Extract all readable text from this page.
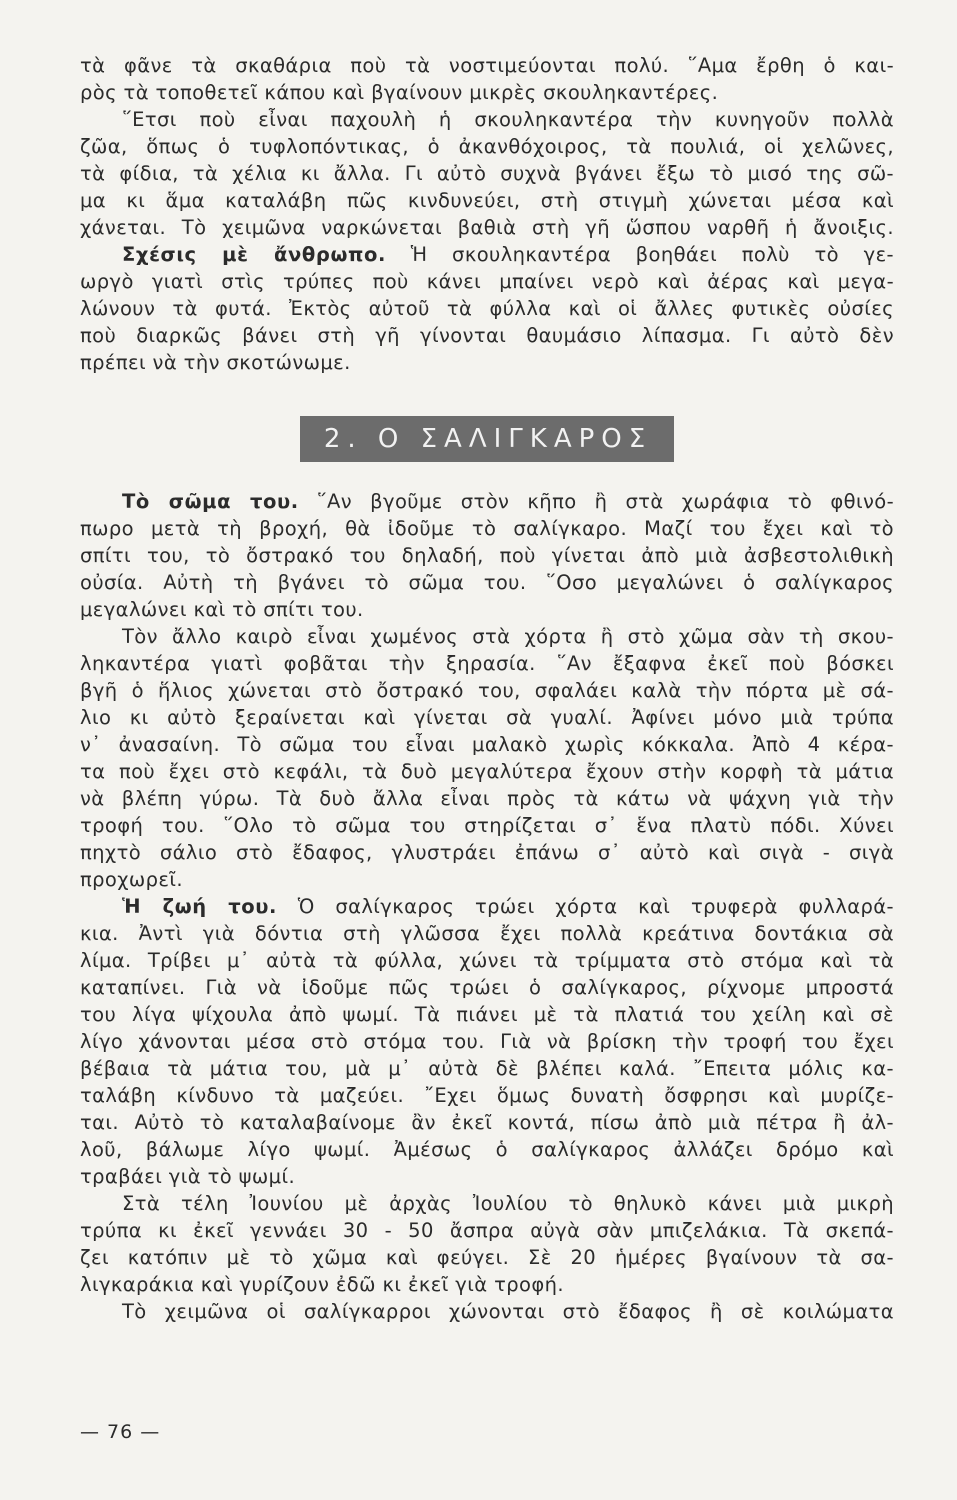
τὰ φᾶνε τὰ σκαθάρια ποὺ τὰ νοστιμεύονται πολύ. ῞Αμα ἔρθη ὁ και-
ρὸς τὰ τοποθετεῖ κάπου καὶ βγαίνουν μικρὲς σκουληκαντέρες.
῞Ετσι ποὺ εἶναι παχουλὴ ἡ σκουληκαντέρα τὴν κυνηγοῦν πολλὰ
ζῶα, ὅπως ὁ τυφλοπόντικας, ὁ ἀκανθόχοιρος, τὰ πουλιά, οἱ χελῶνες,
τὰ φίδια, τὰ χέλια κι ἄλλα. Γι αὐτὸ συχνὰ βγάνει ἔξω τὸ μισό της σῶ-
μα κι ἅμα καταλάβη πῶς κινδυνεύει, στὴ στιγμὴ χώνεται μέσα καὶ
χάνεται. Τὸ χειμῶνα ναρκώνεται βαθιὰ στὴ γῆ ὥσπου ναρθῆ ἡ ἄνοιξις.
Σχέσις μὲ ἄνθρωπο. Ἡ σκουληκαντέρα βοηθάει πολὺ τὸ γε-
ωργὸ γιατὶ στὶς τρύπες ποὺ κάνει μπαίνει νερὸ καὶ ἀέρας καὶ μεγα-
λώνουν τὰ φυτά. Ἐκτὸς αὐτοῦ τὰ φύλλα καὶ οἱ ἄλλες φυτικὲς οὐσίες
ποὺ διαρκῶς βάνει στὴ γῆ γίνονται θαυμάσιο λίπασμα. Γι αὐτὸ δὲν
πρέπει νὰ τὴν σκοτώνωμε.
2. Ο ΣΑΛΙΓΚΑΡΟΣ
Τὸ σῶμα του. ῞Αν βγοῦμε στὸν κῆπο ἢ στὰ χωράφια τὸ φθινό-
πωρο μετὰ τὴ βροχή, θὰ ἰδοῦμε τὸ σαλίγκαρο. Μαζί του ἔχει καὶ τὸ
σπίτι του, τὸ ὄστρακό του δηλαδή, ποὺ γίνεται ἀπὸ μιὰ ἀσβεστολιθικὴ
οὐσία. Αὐτὴ τὴ βγάνει τὸ σῶμα του. ῞Οσο μεγαλώνει ὁ σαλίγκαρος
μεγαλώνει καὶ τὸ σπίτι του.
Τὸν ἄλλο καιρὸ εἶναι χωμένος στὰ χόρτα ἢ στὸ χῶμα σὰν τὴ σκου-
ληκαντέρα γιατὶ φοβᾶται τὴν ξηρασία. ῞Αν ἔξαφνα ἐκεῖ ποὺ βόσκει
βγῆ ὁ ἥλιος χώνεται στὸ ὄστρακό του, σφαλάει καλὰ τὴν πόρτα μὲ σά-
λιο κι αὐτὸ ξεραίνεται καὶ γίνεται σὰ γυαλί. Ἀφίνει μόνο μιὰ τρύπα
ν᾽ ἀνασαίνη. Τὸ σῶμα του εἶναι μαλακὸ χωρὶς κόκκαλα. Ἀπὸ 4 κέρα-
τα ποὺ ἔχει στὸ κεφάλι, τὰ δυὸ μεγαλύτερα ἔχουν στὴν κορφὴ τὰ μάτια
νὰ βλέπη γύρω. Τὰ δυὸ ἄλλα εἶναι πρὸς τὰ κάτω νὰ ψάχνη γιὰ τὴν
τροφή του. ῞Ολο τὸ σῶμα του στηρίζεται σ᾽ ἕνα πλατὺ πόδι. Χύνει
πηχτὸ σάλιο στὸ ἔδαφος, γλυστράει ἐπάνω σ᾽ αὐτὸ καὶ σιγὰ - σιγὰ
προχωρεῖ.
Ἡ ζωή του. Ὁ σαλίγκαρος τρώει χόρτα καὶ τρυφερὰ φυλλαρά-
κια. Ἀντὶ γιὰ δόντια στὴ γλῶσσα ἔχει πολλὰ κρεάτινα δοντάκια σὰ
λίμα. Τρίβει μ᾽ αὐτὰ τὰ φύλλα, χώνει τὰ τρίμματα στὸ στόμα καὶ τὰ
καταπίνει. Γιὰ νὰ ἰδοῦμε πῶς τρώει ὁ σαλίγκαρος, ρίχνομε μπροστά
του λίγα ψίχουλα ἀπὸ ψωμί. Τὰ πιάνει μὲ τὰ πλατιά του χείλη καὶ σὲ
λίγο χάνονται μέσα στὸ στόμα του. Γιὰ νὰ βρίσκη τὴν τροφή του ἔχει
βέβαια τὰ μάτια του, μὰ μ᾽ αὐτὰ δὲ βλέπει καλά. ῎Επειτα μόλις κα-
ταλάβη κίνδυνο τὰ μαζεύει. ῎Εχει ὅμως δυνατὴ ὄσφρησι καὶ μυρίζε-
ται. Αὐτὸ τὸ καταλαβαίνομε ἂν ἐκεῖ κοντά, πίσω ἀπὸ μιὰ πέτρα ἢ ἀλ-
λοῦ, βάλωμε λίγο ψωμί. Ἀμέσως ὁ σαλίγκαρος ἀλλάζει δρόμο καὶ
τραβάει γιὰ τὸ ψωμί.
Στὰ τέλη Ἰουνίου μὲ ἀρχὰς Ἰουλίου τὸ θηλυκὸ κάνει μιὰ μικρὴ
τρύπα κι ἐκεῖ γεννάει 30 - 50 ἄσπρα αὐγὰ σὰν μπιζελάκια. Τὰ σκεπά-
ζει κατόπιν μὲ τὸ χῶμα καὶ φεύγει. Σὲ 20 ἡμέρες βγαίνουν τὰ σα-
λιγκαράκια καὶ γυρίζουν ἐδῶ κι ἐκεῖ γιὰ τροφή.
Τὸ χειμῶνα οἱ σαλίγκαρροι χώνονται στὸ ἔδαφος ἢ σὲ κοιλώματα
— 76 —
